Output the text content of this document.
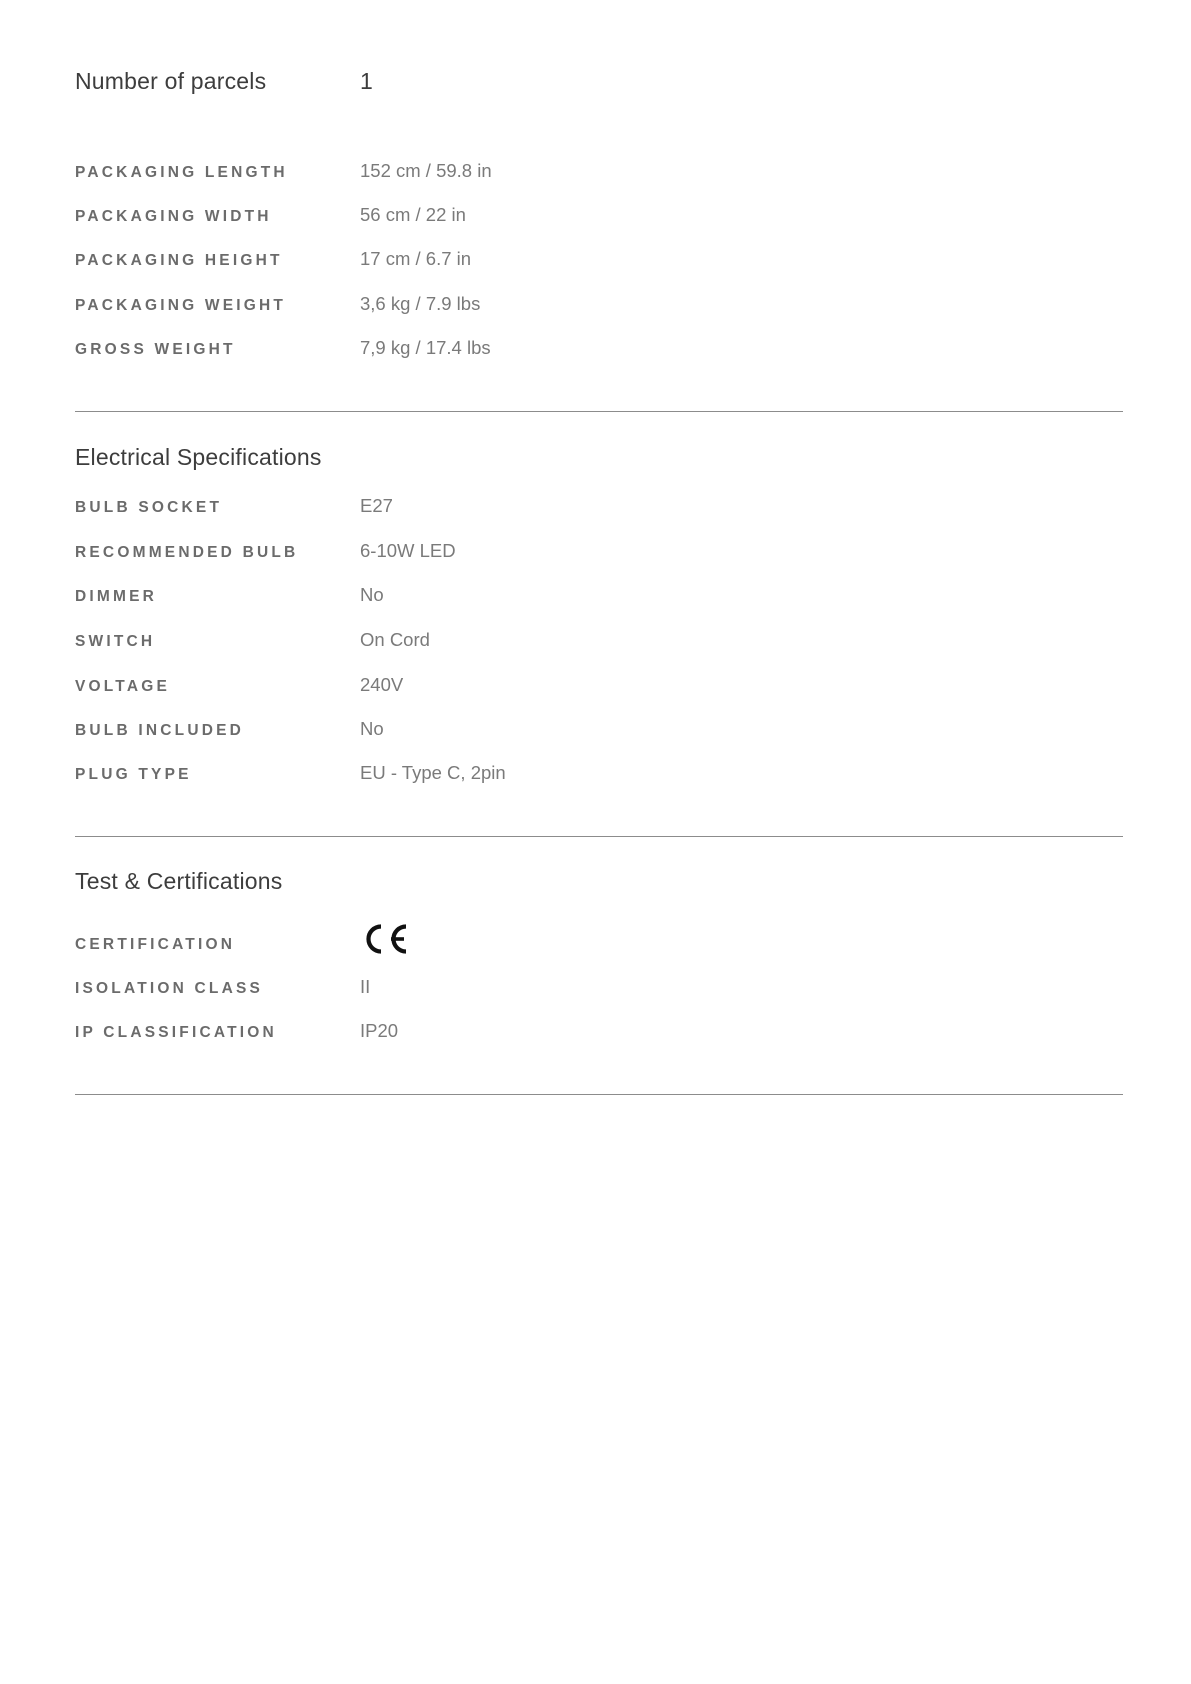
Number of parcels	1
PACKAGING LENGTH	152 cm / 59.8 in
PACKAGING WIDTH	56 cm / 22 in
PACKAGING HEIGHT	17 cm / 6.7 in
PACKAGING WEIGHT	3,6 kg / 7.9 lbs
GROSS WEIGHT	7,9 kg / 17.4 lbs
Electrical Specifications
BULB SOCKET	E27
RECOMMENDED BULB	6-10W LED
DIMMER	No
SWITCH	On Cord
VOLTAGE	240V
BULB INCLUDED	No
PLUG TYPE	EU - Type C, 2pin
Test & Certifications
CERTIFICATION
ISOLATION CLASS	II
IP CLASSIFICATION	IP20
